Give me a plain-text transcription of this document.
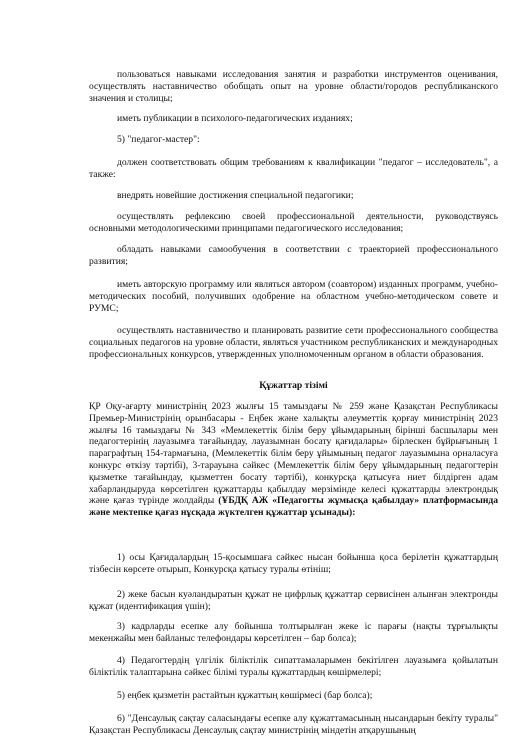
пользоваться навыками исследования занятия и разработки инструментов оценивания, осуществлять наставничество обобщать опыт на уровне области/городов республиканского значения и столицы;

иметь публикации в психолого-педагогических изданиях;

5) "педагог-мастер":

должен соответствовать общим требованиям к квалификации "педагог – исследователь", а также:

внедрять новейшие достижения специальной педагогики;

осуществлять рефлексию своей профессиональной деятельности, руководствуясь основными методологическими принципами педагогического исследования;

обладать навыками самообучения в соответствии с траекторией профессионального развития;

иметь авторскую программу или являться автором (соавтором) изданных программ, учебно-методических пособий, получивших одобрение на областном учебно-методическом совете и РУМС;

осуществлять наставничество и планировать развитие сети профессионального сообщества социальных педагогов на уровне области, являться участником республиканских и международных профессиональных конкурсов, утвержденных уполномоченным органом в области образования.

Құжаттар тізімі

ҚР Оқу-ағарту министрінің 2023 жылғы 15 тамыздағы № 259 және Қазақстан Республикасы Премьер-Министрінің орынбасары - Еңбек және халықты әлеуметтік қорғау министрінің 2023 жылғы 16 тамыздағы № 343 «Мемлекеттік білім беру ұйымдарының бірінші басшылары мен педагогтерінің лауазымға тағайындау, лауазымнан босату қағидалары» бірлескен бұйрығының 1 параграфтың 154-тармағына, (Мемлекеттік білім беру ұйымының педагог лауазымына орналасуға конкурс өткізу тәртібі), 3-тарауына сәйкес (Мемлекеттік білім беру ұйымдарының педагогтерін қызметке тағайындау, қызметтен босату тәртібі), конкурсқа қатысуға ниет білдірген адам хабарландыруда көрсетілген құжаттарды қабылдау мерзімінде келесі құжаттарды электрондық және қағаз түрінде жолдайды (ҰБДҚ АЖ «Педагогты жұмысқа қабылдау» платформасында және мектепке қағаз нұсқада жүктелген құжаттар ұсынады):

1) осы Қағидалардың 15-қосымшаға сәйкес нысан бойынша қоса берілетін құжаттардың тізбесін көрсете отырып, Конкурсқа қатысу туралы өтініш;

2) жеке басын куәландыратын құжат не цифрлық құжаттар сервисінен алынған электронды құжат (идентификация үшін);

3) кадрларды есепке алу бойынша толтырылған жеке іс парағы (нақты тұрғылықты мекенжайы мен байланыс телефондары көрсетілген – бар болса);

4) Педагогтердің үлгілік біліктілік сипаттамаларымен бекітілген лауазымға қойылатын біліктілік талаптарына сәйкес білімі туралы құжаттардың көшірмелері;

5) еңбек қызметін растайтын құжаттың көшірмесі (бар болса);

6) "Денсаулық сақтау саласындағы есепке алу құжаттамасының нысандарын бекіту туралы" Қазақстан Республикасы Денсаулық сақтау министрінің міндетін атқарушының
